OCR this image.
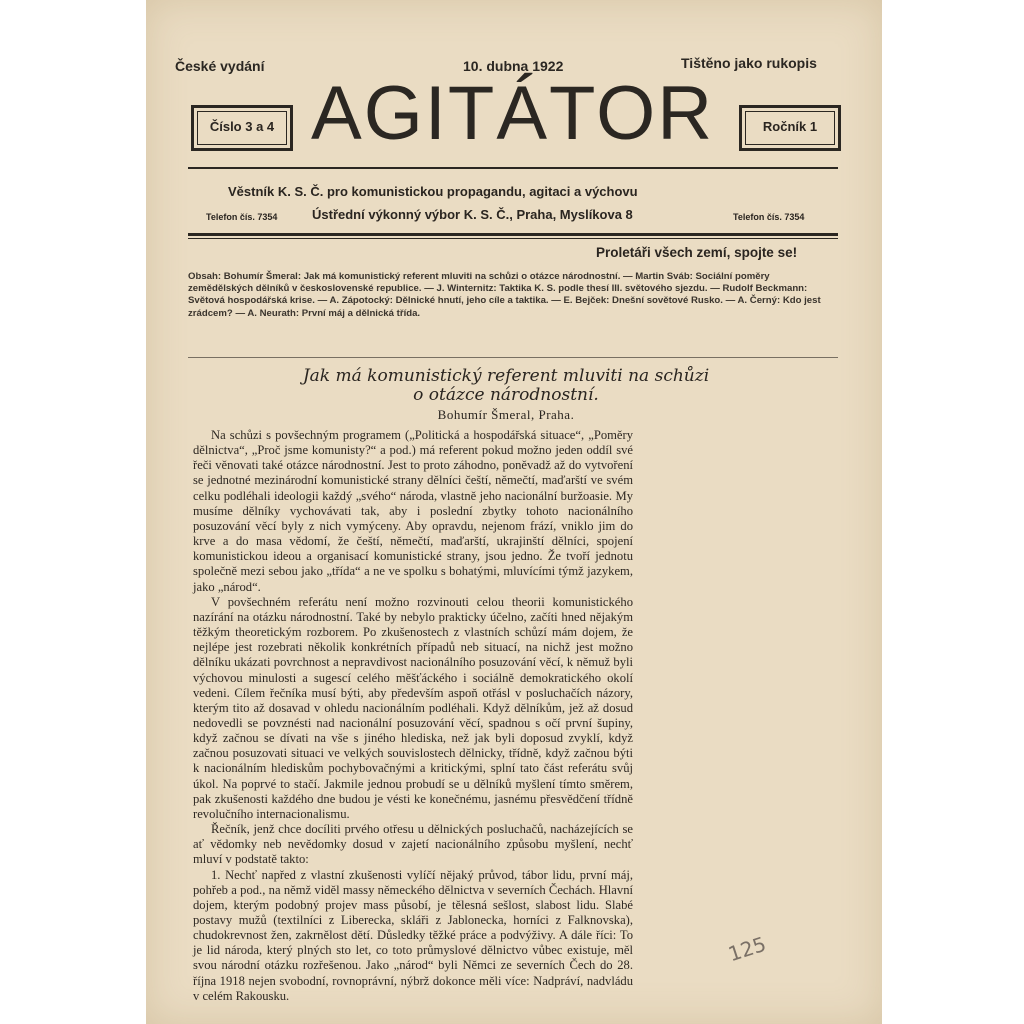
České vydání	10. dubna 1922	Tištěno jako rukopis
Číslo 3 a 4 AGITÁTOR	Ročník 1
Věstník K. S. Č. pro komunistickou propagandu, agitaci a výchovu
Telefon čís. 7354	Ústřední výkonný výbor K. S. Č., Praha, Myslíkova 8	Telefon čís. 7354
Proletáři všech zemí, spojte se!
Obsah: Bohumír Šmeral: Jak má komunistický referent mluviti na schůzi o otázce národnostní. — Martin Sváb: Sociální poměry zemědělských dělníků v československé republice. — J. Winternitz: Taktika K. S. podle thesí III. světového sjezdu. — Rudolf Beckmann: Světová hospodářská krise. — A. Zápotocký: Dělnické hnutí, jeho cíle a taktika. — E. Bejček: Dnešní sovětové Rusko. — A. Černý: Kdo jest zrádcem? — A. Neurath: První máj a dělnická třída.
Jak má komunistický referent mluviti na schůzi
o otázce národnostní.
Bohumír Šmeral, Praha.

Na schůzi s povšechným programem („Politická a hospodářská situace“, „Poměry dělnictva“, „Proč jsme komunisty?“ a pod.) má referent pokud možno jeden oddíl své řeči věnovati také otázce národnostní. Jest to proto záhodno, poněvadž až do vytvoření se jednotné mezinárodní komunistické strany dělníci čeští, němečtí, maďarští ve svém celku podléhali ideologii každý „svého“ národa, vlastně jeho nacionální buržoasie. My musíme dělníky vychovávati tak, aby i poslední zbytky tohoto nacionálního posuzování věcí byly z nich vymýceny. Aby opravdu, nejenom frází, vniklo jim do krve a do masa vědomí, že čeští, němečtí, maďarští, ukrajinští dělníci, spojení komunistickou ideou a organisací komunistické strany, jsou jedno. Že tvoří jednotu společně mezi sebou jako „třída“ a ne ve spolku s bohatými, mluvícími týmž jazykem, jako „národ“.

V povšechném referátu není možno rozvinouti celou theorii komunistického nazírání na otázku národnostní. Také by nebylo prakticky účelno, začíti hned nějakým těžkým theoretickým rozborem. Po zkušenostech z vlastních schůzí mám dojem, že nejlépe jest rozebrati několik konkrétních případů neb situací, na nichž jest možno dělníku ukázati povrchnost a nepravdivost nacionálního posuzování věcí, k němuž byli výchovou minulosti a sugescí celého měšťáckého i sociálně demokratického okolí vedeni. Cílem řečníka musí býti, aby především aspoň otřásl v posluchačích názory, kterým tito až dosavad v ohledu nacionálním podléhali. Když dělníkům, jež až dosud nedovedli se povznésti nad nacionální posuzování věcí, spadnou s očí první šupiny, když začnou se dívati na vše s jiného hlediska, než jak byli doposud zvyklí, když začnou posuzovati situaci ve velkých souvislostech dělnicky, třídně, když začnou býti k nacionálním hlediskům pochybovačnými a kritickými, splní tato část referátu svůj úkol. Na poprvé to stačí. Jakmile jednou probudí se u dělníků myšlení tímto směrem, pak zkušenosti každého dne budou je vésti ke konečnému, jasnému přesvědčení třídně revolučního internacionalismu.

Řečník, jenž chce docíliti prvého otřesu u dělnických posluchačů, nacházejících se ať vědomky neb nevědomky dosud v zajetí nacionálního způsobu myšlení, nechť mluví v podstatě takto:

1. Nechť napřed z vlastní zkušenosti vylíčí nějaký průvod, tábor lidu, první máj, pohřeb a pod., na němž viděl massy německého dělnictva v severních Čechách. Hlavní dojem, kterým podobný projev mass působí, je tělesná sešlost, slabost lidu. Slabé postavy mužů (textilníci z Liberecka, skláři z Jablonecka, horníci z Falknovska), chudokrevnost žen, zakrnělost dětí. Důsledky těžké práce a podvýživy. A dále říci: To je lid národa, který plných sto let, co toto průmyslové dělnictvo vůbec existuje, měl svou národní otázku rozřešenou. Jako „národ“ byli Němci ze severních Čech do 28. října 1918 nejen svobodní, rovnoprávní, nýbrž dokonce měli více: Nadpráví, nadvládu v celém Rakousku.

125
